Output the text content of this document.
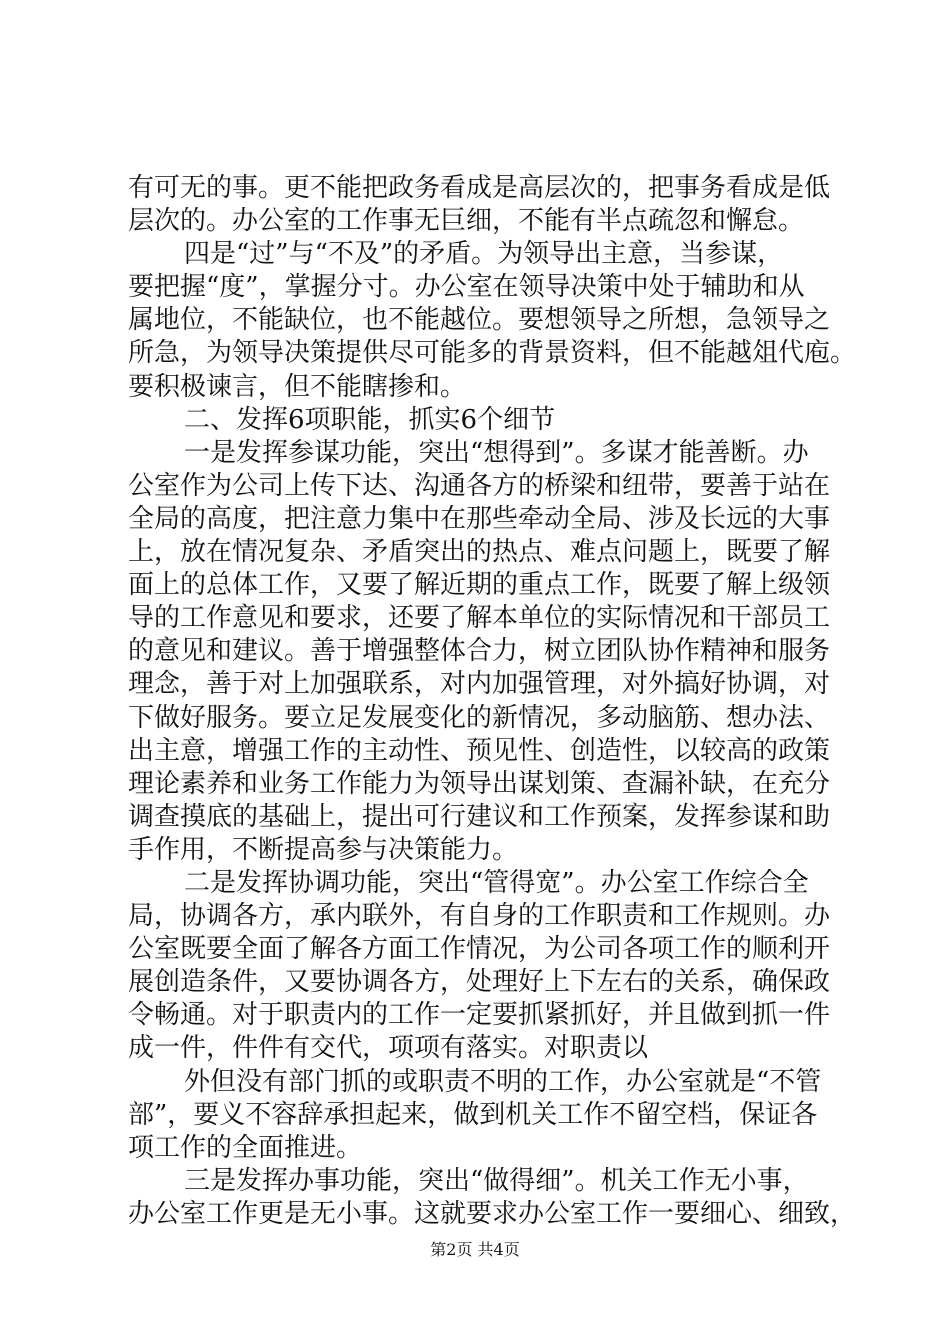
有可无的事。更不能把政务看成是高层次的，把事务看成是低
层次的。办公室的工作事无巨细，不能有半点疏忽和懈怠。
四是“过”与“不及”的矛盾。为领导出主意，当参谋，
要把握“度”，掌握分寸。办公室在领导决策中处于辅助和从
属地位，不能缺位，也不能越位。要想领导之所想，急领导之
所急，为领导决策提供尽可能多的背景资料，但不能越俎代庖。
要积极谏言，但不能瞎掺和。
二、发挥6项职能，抓实6个细节
一是发挥参谋功能，突出“想得到”。多谋才能善断。办
公室作为公司上传下达、沟通各方的桥梁和纽带，要善于站在
全局的高度，把注意力集中在那些牵动全局、涉及长远的大事
上，放在情况复杂、矛盾突出的热点、难点问题上，既要了解
面上的总体工作，又要了解近期的重点工作，既要了解上级领
导的工作意见和要求，还要了解本单位的实际情况和干部员工
的意见和建议。善于增强整体合力，树立团队协作精神和服务
理念，善于对上加强联系，对内加强管理，对外搞好协调，对
下做好服务。要立足发展变化的新情况，多动脑筋、想办法、
出主意，增强工作的主动性、预见性、创造性，以较高的政策
理论素养和业务工作能力为领导出谋划策、查漏补缺，在充分
调查摸底的基础上，提出可行建议和工作预案，发挥参谋和助
手作用，不断提高参与决策能力。
二是发挥协调功能，突出“管得宽”。办公室工作综合全
局，协调各方，承内联外，有自身的工作职责和工作规则。办
公室既要全面了解各方面工作情况，为公司各项工作的顺利开
展创造条件，又要协调各方，处理好上下左右的关系，确保政
令畅通。对于职责内的工作一定要抓紧抓好，并且做到抓一件
成一件，件件有交代，项项有落实。对职责以
外但没有部门抓的或职责不明的工作，办公室就是“不管
部”，要义不容辞承担起来，做到机关工作不留空档，保证各
项工作的全面推进。
三是发挥办事功能，突出“做得细”。机关工作无小事，
办公室工作更是无小事。这就要求办公室工作一要细心、细致，
第2页 共4页
